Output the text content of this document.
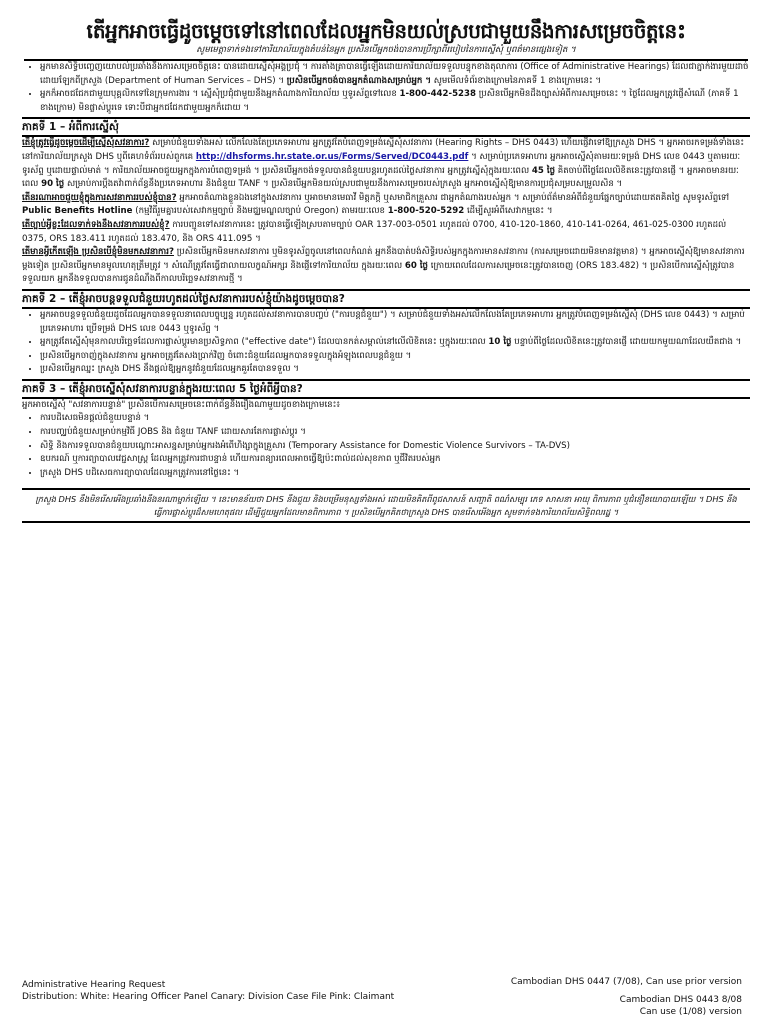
តើអ្នកអាចធ្វើដូចម្តេចទៅនៅពេលដែលអ្នកមិនយល់ស្របជាមួយនឹងការសម្រេចចិត្តនេះ
សូមមេត្តាទាក់ទងទៅការិយាល័យក្នុងតំបន់នៃអ្នក ប្រសិនបើអ្នកចង់បានការប្រឹក្សាពីរបៀបនៃការស្នើសុំ ឬពត៌មានផ្សេងទៀត ។
• អ្នកមានសិទ្ធិបញ្ចេញយោបល់ប្រឆាំងនឹងការសម្រេចចិត្តនេះ បានដោយស្នើសុំអង្គប្រជុំ ។ ការតាំងត្រាបានធ្វើឡើងដោយការិយាល័យទទួលបន្ទុកខាងតុលាការ (Office of Administrative Hearings) ដែលជាភ្នាក់ងារមួយដាច់ដោយឡែកពីក្រសួង (Department of Human Services – DHS) ។ ប្រសិនបើអ្នកចង់បានអ្នកតំណាងសម្រាប់អ្នក ។ សូមមើលទំព័រខាងក្រោមនៃភាគទី 1 ខាងក្រោមនេះ ។
• អ្នកក៏អាចជជែកជាមួយបុគ្គលិកទៅនៃក្រុមការងារ ។ ស្នើសុំប្រជុំជាមួយនឹងអ្នកតំណាងការិយាល័យ ឬទូរស័ព្ទទៅលេខ 1-800-442-5238 ប្រសិនបើអ្នកមិនដឹងច្បាស់អំពីការសម្រេចនេះ ។ ថ្ងៃដែលអ្នកត្រូវផ្ញើសំណើ (ភាគទី 1 ខាងក្រោម) មិនផ្លាស់ប្តូរទេ ទោះបីជាអ្នកជជែកជាមួយអ្នកក៏ដោយ ។
ភាគទី 1 – អំពីការស្នើសុំ

តើខ្ញុំត្រូវធ្វើដូចម្តេចដើម្បីស្នើសុំសវនាការ? សម្រាប់ជំនួយទាំងអស់ លើកលែងតែប្រភេទអាហារ អ្នកត្រូវតែបំពេញទម្រង់ស្នើសុំសវនាការ (Hearing Rights – DHS 0443) ហើយផ្ញើវាទៅឱ្យក្រសួង DHS ។ អ្នកអាចរកទម្រង់ទាំងនេះនៅការិយាល័យក្រសួង DHS ឬពីគេហទំព័ររបស់ពួកគេ http://dhsforms.hr.state.or.us/Forms/Served/DC0443.pdf ។ សម្រាប់ប្រភេទអាហារ អ្នកអាចស្នើសុំតាមរយៈទម្រង់ DHS លេខ 0443 ឬតាមរយៈទូរស័ព្ទ ឬដោយផ្ទាល់មាត់ ។ ការិយាល័យអាចជួយអ្នកក្នុងការបំពេញទម្រង់ ។ ប្រសិនបើអ្នកចង់ទទួលបានជំនួយបន្តរហូតដល់ថ្ងៃសវនាការ អ្នកត្រូវស្នើសុំក្នុងរយៈពេល 45 ថ្ងៃ គិតចាប់ពីថ្ងៃដែលលិខិតនេះត្រូវបានផ្ញើ ។ អ្នកអាចមានរយៈពេល 90 ថ្ងៃ សម្រាប់ការប្តឹងតវ៉ាពាក់ព័ន្ធនឹងប្រភេទអាហារ និងជំនួយ TANF ។ ប្រសិនបើអ្នកមិនយល់ស្របជាមួយនឹងការសម្រេចរបស់ក្រសួង អ្នកអាចស្នើសុំឱ្យមានការប្រជុំសម្របសម្រួលសិន ។

តើនរណាអាចជួយខ្ញុំក្នុងការសវនាការរបស់ខ្ញុំបាន? អ្នកអាចតំណាងខ្លួនឯងនៅក្នុងសវនាការ ឬអាចមានមេធាវី មិត្តភក្តិ ឬសមាជិកគ្រួសារ ជាអ្នកតំណាងរបស់អ្នក ។ សម្រាប់ព័ត៌មានអំពីជំនួយផ្នែកច្បាប់ដោយឥតគិតថ្លៃ សូមទូរស័ព្ទទៅ Public Benefits Hotline (កម្មវិធីរួមគ្នារបស់សេវាកម្មច្បាប់ និងមជ្ឈមណ្ឌលច្បាប់ Oregon) តាមរយៈលេខ 1-800-520-5292 ដើម្បីសួរអំពីសេវាកម្មនេះ ។

តើច្បាប់អ្វីខ្លះដែលទាក់ទងនឹងសវនាការរបស់ខ្ញុំ? ការបញ្ជូនទៅសវនាការនេះ ត្រូវបានធ្វើឡើងស្របតាមច្បាប់ OAR 137-003-0501 រហូតដល់ 0700, 410-120-1860, 410-141-0264, 461-025-0300 រហូតដល់ 0375, ORS 183.411 រហូតដល់ 183.470, និង ORS 411.095 ។

តើមានអ្វីកើតឡើង ប្រសិនបើខ្ញុំមិនមកសវនាការ? ប្រសិនបើអ្នកមិនមកសវនាការ ឬមិនទូរស័ព្ទចូលនៅពេលកំណត់ អ្នកនឹងបាត់បង់សិទ្ធិរបស់អ្នកក្នុងការមានសវនាការ (ការសម្រេចដោយមិនមានវត្តមាន) ។ អ្នកអាចស្នើសុំឱ្យមានសវនាការម្តងទៀត ប្រសិនបើអ្នកមានមូលហេតុត្រឹមត្រូវ ។ សំណើត្រូវតែធ្វើជាលាយលក្ខណ៍អក្សរ និងផ្ញើទៅការិយាល័យ ក្នុងរយៈពេល 60 ថ្ងៃ ក្រោយពេលដែលការសម្រេចនេះត្រូវបានចេញ (ORS 183.482) ។ ប្រសិនបើការស្នើសុំត្រូវបានទទួលយក អ្នកនឹងទទួលបានការជូនដំណឹងពីកាលបរិច្ឆេទសវនាការថ្មី ។

ភាគទី 2 – តើខ្ញុំអាចបន្តទទួលជំនួយរហូតដល់ថ្ងៃសវនាការរបស់ខ្ញុំយ៉ាងដូចម្តេចបាន?
• អ្នកអាចបន្តទទួលជំនួយដូចដែលអ្នកបានទទួលនាពេលបច្ចុប្បន្ន រហូតដល់សវនាការបានបញ្ចប់ ("ការបន្តជំនួយ") ។ សម្រាប់ជំនួយទាំងអស់លើកលែងតែប្រភេទអាហារ អ្នកត្រូវបំពេញទម្រង់ស្នើសុំ (DHS លេខ 0443) ។ សម្រាប់ប្រភេទអាហារ ប្រើទម្រង់ DHS លេខ 0443 ឬទូរស័ព្ទ ។
• អ្នកត្រូវតែស្នើសុំមុនកាលបរិច្ឆេទដែលការផ្លាស់ប្តូរមានប្រសិទ្ធភាព ("effective date") ដែលបានកត់សម្គាល់នៅលើលិខិតនេះ ឬក្នុងរយៈពេល 10 ថ្ងៃ បន្ទាប់ពីថ្ងៃដែលលិខិតនេះត្រូវបានផ្ញើ ដោយយកមួយណាដែលយឺតជាង ។
• ប្រសិនបើអ្នកចាញ់ក្នុងសវនាការ អ្នកអាចត្រូវតែសងប្រាក់វិញ ចំពោះជំនួយដែលអ្នកបានទទួលក្នុងអំឡុងពេលបន្តជំនួយ ។
• ប្រសិនបើអ្នកឈ្នះ ក្រសួង DHS នឹងផ្តល់ឱ្យអ្នកនូវជំនួយដែលអ្នកគួរតែបានទទួល ។
ភាគទី 3 – តើខ្ញុំអាចស្នើសុំសវនាការបន្ទាន់ក្នុងរយៈពេល 5 ថ្ងៃអំពីអ្វីបាន?

អ្នកអាចស្នើសុំ "សវនាការបន្ទាន់" ប្រសិនបើការសម្រេចនេះពាក់ព័ន្ធនឹងរឿងណាមួយដូចខាងក្រោមនេះ៖

• ការបដិសេធមិនផ្តល់ជំនួយបន្ទាន់ ។
• ការបញ្ឈប់ជំនួយសម្រាប់កម្មវិធី JOBS និង ជំនួយ TANF ដោយសារតែការផ្លាស់ប្តូរ ។
• សិទ្ធិ និងការទទួលបានជំនួយបណ្តោះអាសន្នសម្រាប់អ្នករងអំពើហិង្សាក្នុងគ្រួសារ (Temporary Assistance for Domestic Violence Survivors – TA-DVS)
• ឧបករណ៍ ឬការព្យាបាលវេជ្ជសាស្ត្រ ដែលអ្នកត្រូវការជាបន្ទាន់ ហើយការពន្យារពេលអាចធ្វើឱ្យប៉ះពាល់ដល់សុខភាព ឬជីវិតរបស់អ្នក
• ក្រសួង DHS បដិសេធការព្យាបាលដែលអ្នកត្រូវការនៅថ្ងៃនេះ ។
ក្រសួង DHS នឹងមិនរើសអើងប្រឆាំងនឹងនរណាម្នាក់ឡើយ ។ នេះមានន័យថា DHS នឹងជួយ និងបម្រើមនុស្សទាំងអស់ ដោយមិនគិតពីពូជសាសន៍ សញ្ជាតិ ពណ៌សម្បុរ ភេទ សាសនា អាយុ ពិការភាព ឬជំនឿនយោបាយឡើយ ។ DHS នឹងធ្វើការផ្លាស់ប្តូរដ៏សមហេតុផល ដើម្បីជួយអ្នកដែលមានពិការភាព ។ ប្រសិនបើអ្នកគិតថាក្រសួង DHS បានរើសអើងអ្នក សូមទាក់ទងការិយាល័យសិទ្ធិពលរដ្ឋ ។
Administrative Hearing Request
Distribution: White: Hearing Officer Panel Canary: Division Case File Pink: Claimant
Cambodian DHS 0447 (7/08), Can use prior version
Cambodian DHS 0443 8/08
Can use (1/08) version
